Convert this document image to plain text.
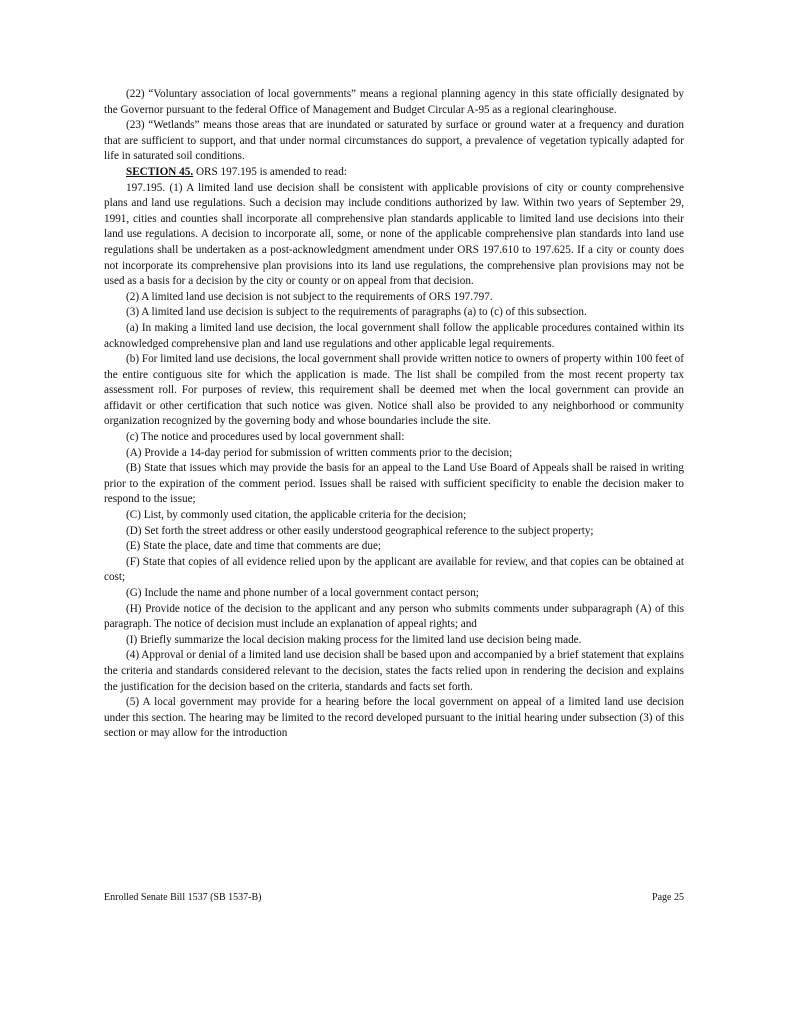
(22) “Voluntary association of local governments” means a regional planning agency in this state officially designated by the Governor pursuant to the federal Office of Management and Budget Circular A-95 as a regional clearinghouse.

(23) “Wetlands” means those areas that are inundated or saturated by surface or ground water at a frequency and duration that are sufficient to support, and that under normal circumstances do support, a prevalence of vegetation typically adapted for life in saturated soil conditions.

SECTION 45. ORS 197.195 is amended to read:

197.195. (1) A limited land use decision shall be consistent with applicable provisions of city or county comprehensive plans and land use regulations. Such a decision may include conditions authorized by law. Within two years of September 29, 1991, cities and counties shall incorporate all comprehensive plan standards applicable to limited land use decisions into their land use regulations. A decision to incorporate all, some, or none of the applicable comprehensive plan standards into land use regulations shall be undertaken as a post-acknowledgment amendment under ORS 197.610 to 197.625. If a city or county does not incorporate its comprehensive plan provisions into its land use regulations, the comprehensive plan provisions may not be used as a basis for a decision by the city or county or on appeal from that decision.

(2) A limited land use decision is not subject to the requirements of ORS 197.797.

(3) A limited land use decision is subject to the requirements of paragraphs (a) to (c) of this subsection.

(a) In making a limited land use decision, the local government shall follow the applicable procedures contained within its acknowledged comprehensive plan and land use regulations and other applicable legal requirements.

(b) For limited land use decisions, the local government shall provide written notice to owners of property within 100 feet of the entire contiguous site for which the application is made. The list shall be compiled from the most recent property tax assessment roll. For purposes of review, this requirement shall be deemed met when the local government can provide an affidavit or other certification that such notice was given. Notice shall also be provided to any neighborhood or community organization recognized by the governing body and whose boundaries include the site.

(c) The notice and procedures used by local government shall:

(A) Provide a 14-day period for submission of written comments prior to the decision;

(B) State that issues which may provide the basis for an appeal to the Land Use Board of Appeals shall be raised in writing prior to the expiration of the comment period. Issues shall be raised with sufficient specificity to enable the decision maker to respond to the issue;

(C) List, by commonly used citation, the applicable criteria for the decision;

(D) Set forth the street address or other easily understood geographical reference to the subject property;

(E) State the place, date and time that comments are due;

(F) State that copies of all evidence relied upon by the applicant are available for review, and that copies can be obtained at cost;

(G) Include the name and phone number of a local government contact person;

(H) Provide notice of the decision to the applicant and any person who submits comments under subparagraph (A) of this paragraph. The notice of decision must include an explanation of appeal rights; and

(I) Briefly summarize the local decision making process for the limited land use decision being made.

(4) Approval or denial of a limited land use decision shall be based upon and accompanied by a brief statement that explains the criteria and standards considered relevant to the decision, states the facts relied upon in rendering the decision and explains the justification for the decision based on the criteria, standards and facts set forth.

(5) A local government may provide for a hearing before the local government on appeal of a limited land use decision under this section. The hearing may be limited to the record developed pursuant to the initial hearing under subsection (3) of this section or may allow for the introduction

Enrolled Senate Bill 1537 (SB 1537-B)	Page 25
